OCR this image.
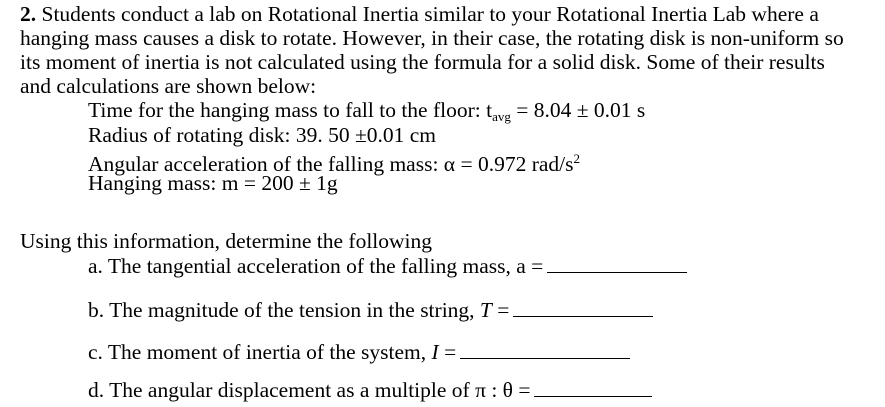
2. Students conduct a lab on Rotational Inertia similar to your Rotational Inertia Lab where a
hanging mass causes a disk to rotate. However, in their case, the rotating disk is non-uniform so
its moment of inertia is not calculated using the formula for a solid disk. Some of their results
and calculations are shown below:
Time for the hanging mass to fall to the floor: $t_{avg} = 8.04 \pm 0.01$ s
Radius of rotating disk: 39. 50 ±0.01 cm
Angular acceleration of the falling mass: α = 0.972 rad/$s^2$
Hanging mass: m = 200 ± 1g
Using this information, determine the following
a. The tangential acceleration of the falling mass, a =
b. The magnitude of the tension in the string, T =
c. The moment of inertia of the system, I =
d. The angular displacement as a multiple of π : θ =
